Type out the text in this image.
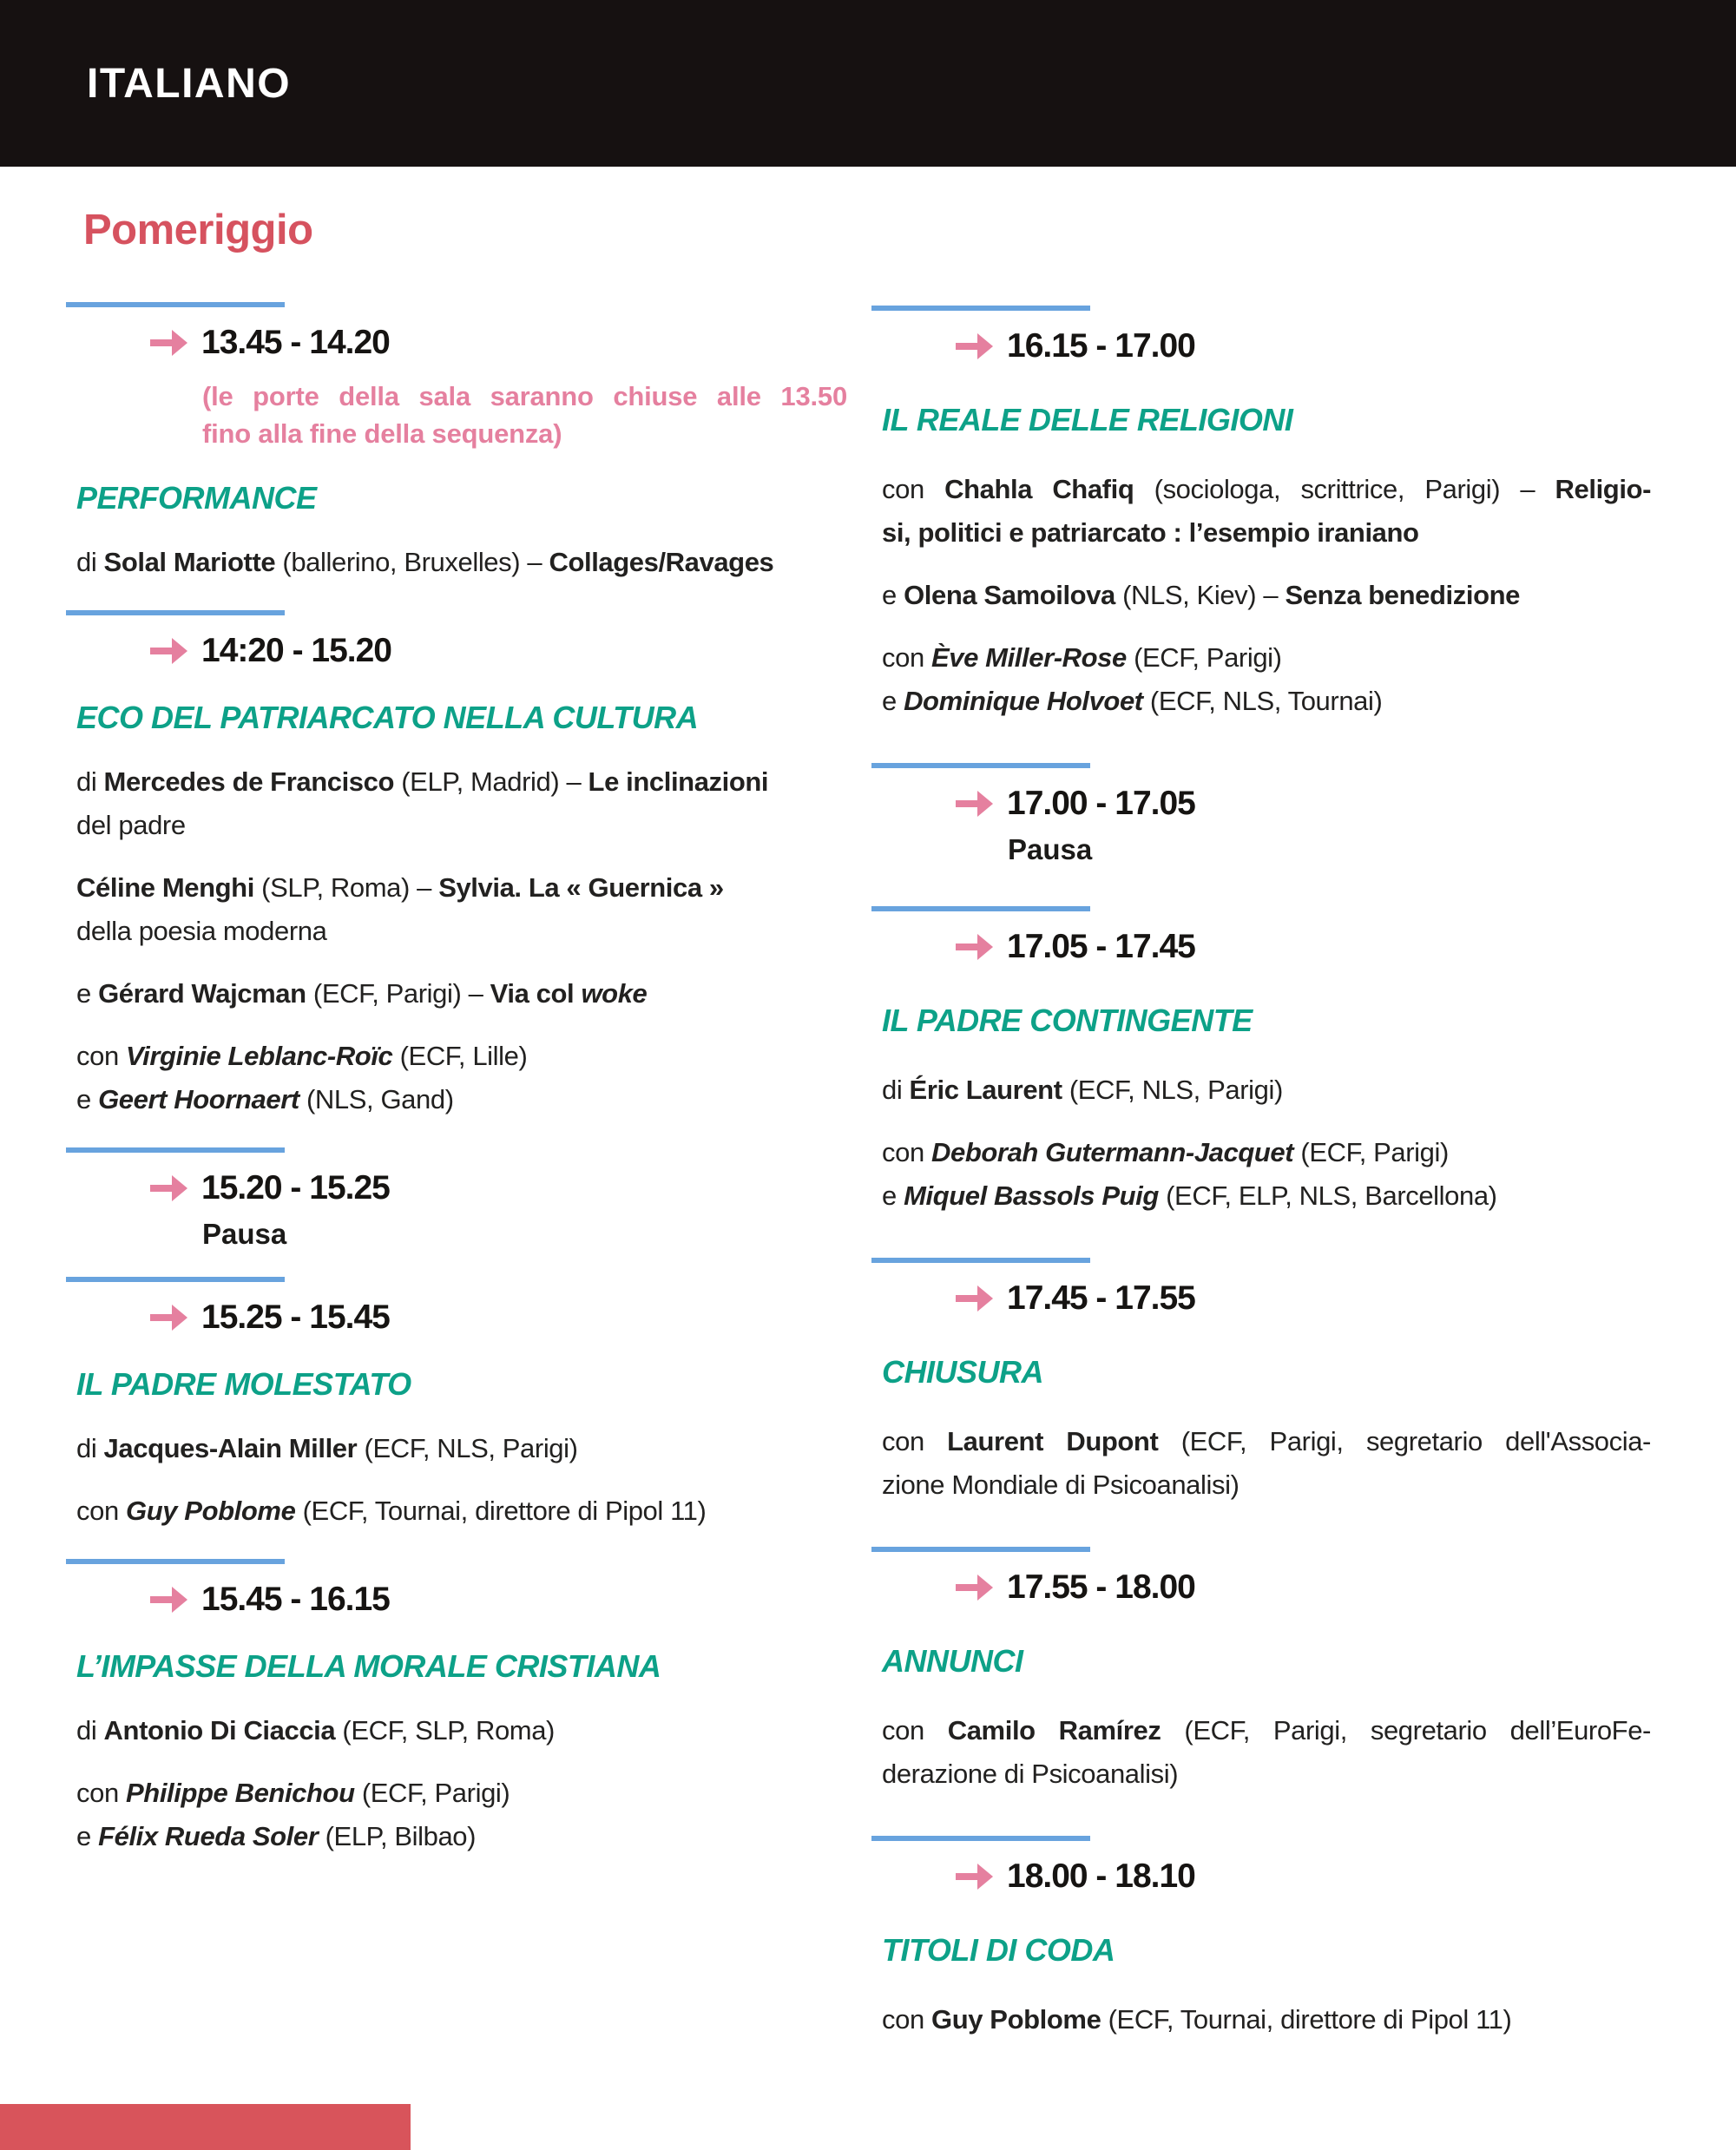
ITALIANO
Pomeriggio
13.45 - 14.20
(le porte della sala saranno chiuse alle 13.50
fino alla fine della sequenza)
PERFORMANCE
di Solal Mariotte (ballerino, Bruxelles) – Collages/Ravages
14:20 - 15.20
ECO DEL PATRIARCATO NELLA CULTURA
di Mercedes de Francisco (ELP, Madrid) – Le inclinazioni
del padre
Céline Menghi (SLP, Roma) – Sylvia. La « Guernica »
della poesia moderna
e Gérard Wajcman (ECF, Parigi) – Via col woke
con Virginie Leblanc-Roïc (ECF, Lille)
e Geert Hoornaert (NLS, Gand)
15.20 - 15.25
Pausa
15.25 - 15.45
IL PADRE MOLESTATO
di Jacques-Alain Miller (ECF, NLS, Parigi)
con Guy Poblome (ECF, Tournai, direttore di Pipol 11)
15.45 - 16.15
L’IMPASSE DELLA MORALE CRISTIANA
di Antonio Di Ciaccia (ECF, SLP, Roma)
con Philippe Benichou (ECF, Parigi)
e Félix Rueda Soler (ELP, Bilbao)
16.15 - 17.00
IL REALE DELLE RELIGIONI
con Chahla Chafiq (sociologa, scrittrice, Parigi) – Religio-
si, politici e patriarcato : l’esempio iraniano
e Olena Samoilova (NLS, Kiev) – Senza benedizione
con Ève Miller-Rose (ECF, Parigi)
e Dominique Holvoet (ECF, NLS, Tournai)
17.00 - 17.05
Pausa
17.05 - 17.45
IL PADRE CONTINGENTE
di Éric Laurent (ECF, NLS, Parigi)
con Deborah Gutermann-Jacquet (ECF, Parigi)
e Miquel Bassols Puig (ECF, ELP, NLS, Barcellona)
17.45 - 17.55
CHIUSURA
con Laurent Dupont (ECF, Parigi, segretario dell'Associa-
zione Mondiale di Psicoanalisi)
17.55 - 18.00
ANNUNCI
con Camilo Ramírez (ECF, Parigi, segretario dell’EuroFe-
derazione di Psicoanalisi)
18.00 - 18.10
TITOLI DI CODA
con Guy Poblome (ECF, Tournai, direttore di Pipol 11)
